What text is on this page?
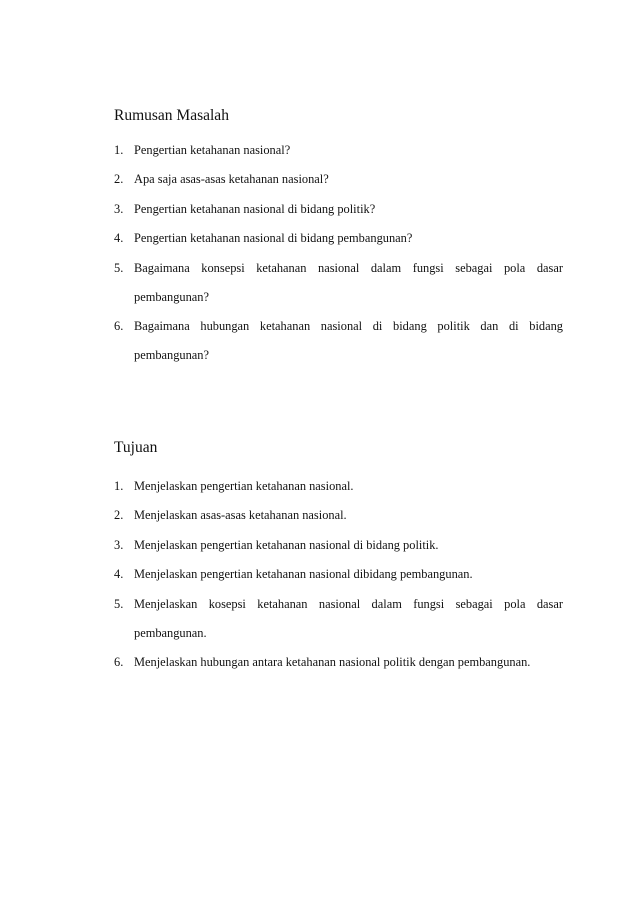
Rumusan Masalah
1. Pengertian ketahanan nasional?
2. Apa saja asas-asas ketahanan nasional?
3. Pengertian ketahanan nasional di bidang politik?
4. Pengertian ketahanan nasional di bidang pembangunan?
5. Bagaimana konsepsi ketahanan nasional dalam fungsi sebagai pola dasar
pembangunan?
6. Bagaimana hubungan ketahanan nasional di bidang politik dan di bidang
pembangunan?
Tujuan
1. Menjelaskan pengertian ketahanan nasional.
2. Menjelaskan asas-asas ketahanan nasional.
3. Menjelaskan pengertian ketahanan nasional di bidang politik.
4. Menjelaskan pengertian ketahanan nasional dibidang pembangunan.
5. Menjelaskan kosepsi ketahanan nasional dalam fungsi sebagai pola dasar
pembangunan.
6. Menjelaskan hubungan antara ketahanan nasional politik dengan pembangunan.
